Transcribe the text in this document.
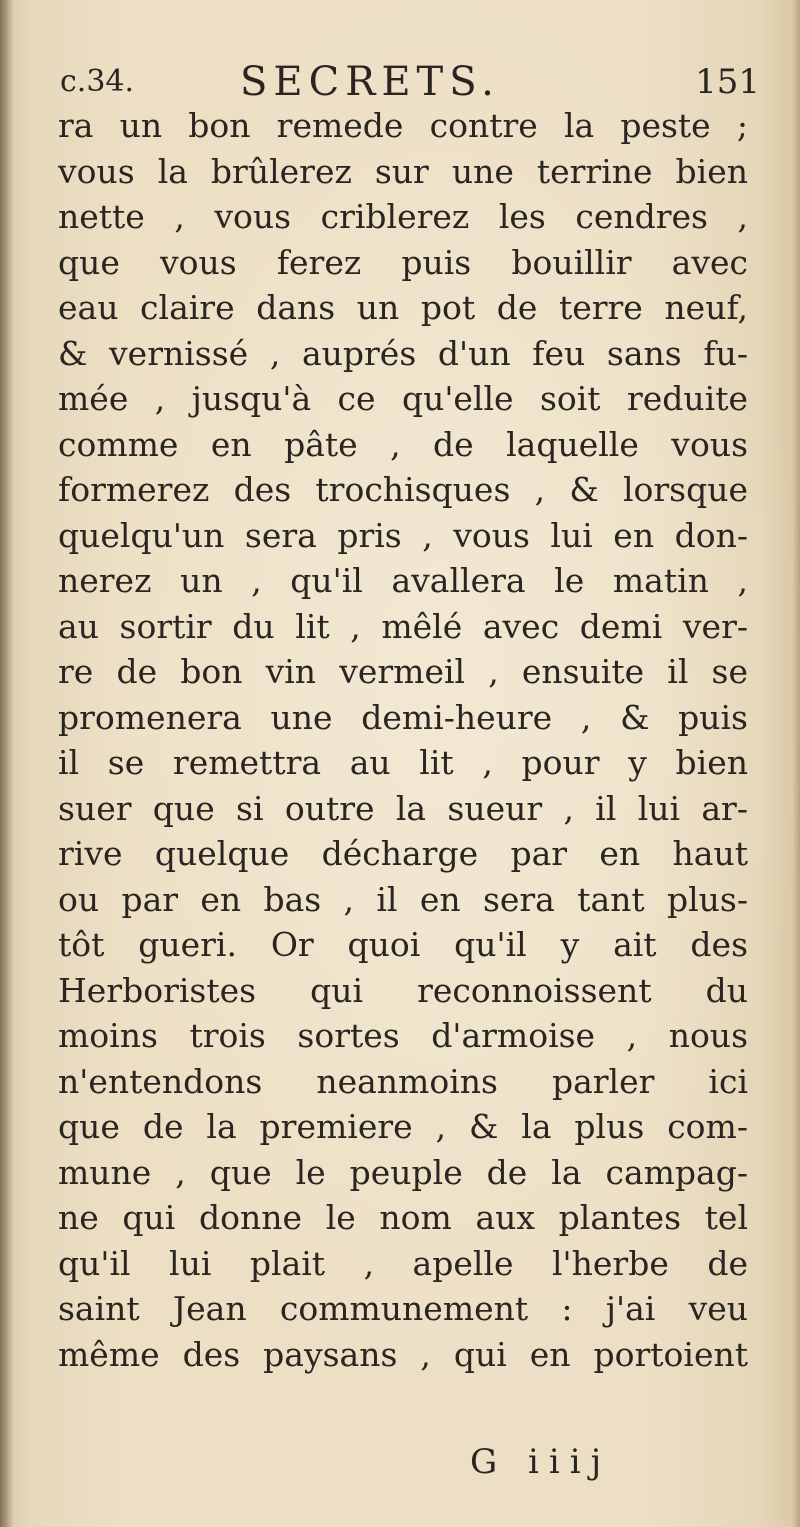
c.34.	SECRETS.	151
ra un bon remede contre la peste ;
vous la brûlerez sur une terrine bien
nette , vous criblerez les cendres ,
que vous ferez puis bouillir avec
eau claire dans un pot de terre neuf,
& vernissé , auprés d'un feu sans fu-
mée , jusqu'à ce qu'elle soit reduite
comme en pâte , de laquelle vous
formerez des trochisques , & lorsque
quelqu'un sera pris , vous lui en don-
nerez un , qu'il avallera le matin ,
au sortir du lit , mêlé avec demi ver-
re de bon vin vermeil , ensuite il se
promenera une demi-heure , & puis
il se remettra au lit , pour y bien
suer que si outre la sueur , il lui ar-
rive quelque décharge par en haut
ou par en bas , il en sera tant plus-
tôt gueri. Or quoi qu'il y ait des
Herboristes qui reconnoissent du
moins trois sortes d'armoise , nous
n'entendons neanmoins parler ici
que de la premiere , & la plus com-
mune , que le peuple de la campag-
ne qui donne le nom aux plantes tel
qu'il lui plait , apelle l'herbe de
saint Jean communement : j'ai veu
même des paysans , qui en portoient
G iiij
